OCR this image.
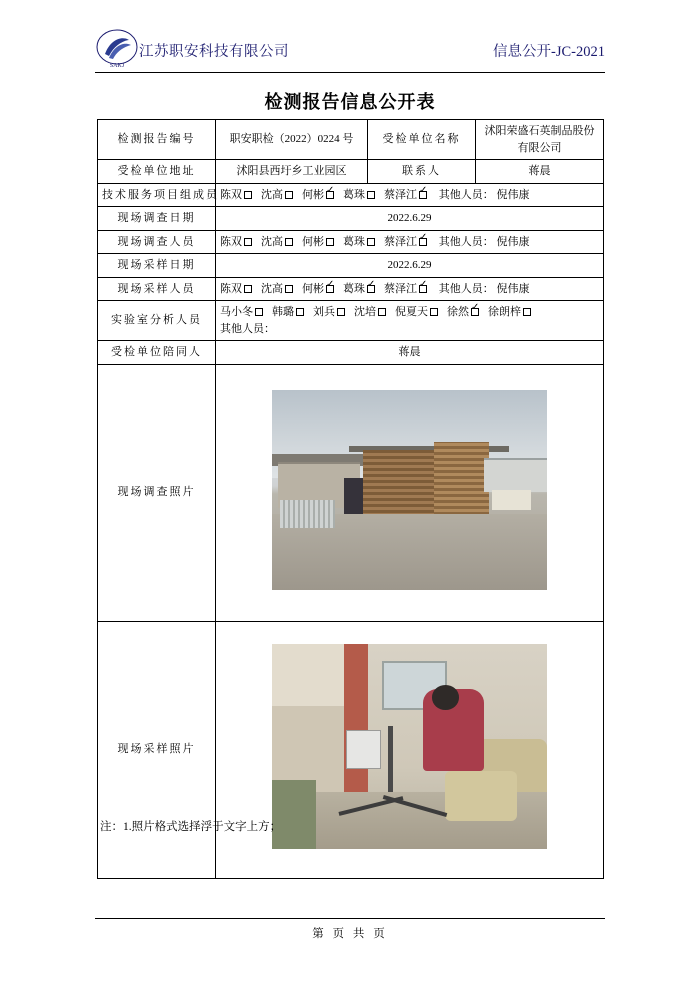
SAKJ
江苏职安科技有限公司	信息公开-JC-2021
检测报告信息公开表
检测报告编号	职安职检（2022）0224 号	受检单位名称	沭阳荣盛石英制品股份有限公司
受检单位地址	沭阳县西圩乡工业园区	联系人	蒋晨
技术服务项目组成员	陈双 沈高 何彬 ✓ 葛珠 蔡泽江 ✓ 其他人员： 倪伟康
现场调查日期	2022.6.29		
现场调查人员	陈双 沈高 何彬 葛珠 蔡泽江 ✓ 其他人员： 倪伟康
现场采样日期	2022.6.29		
现场采样人员	陈双 沈高 何彬 ✓ 葛珠 ✓ 蔡泽江 ✓ 其他人员： 倪伟康
实验室分析人员	马小冬 韩璐 刘兵 沈培 倪夏天 徐然✓ 徐朗梓
其他人员：

受检单位陪同人	蒋晨		
现场调查照片			

现场采样照片			
注：1.照片格式选择浮于文字上方；
第 页 共 页
